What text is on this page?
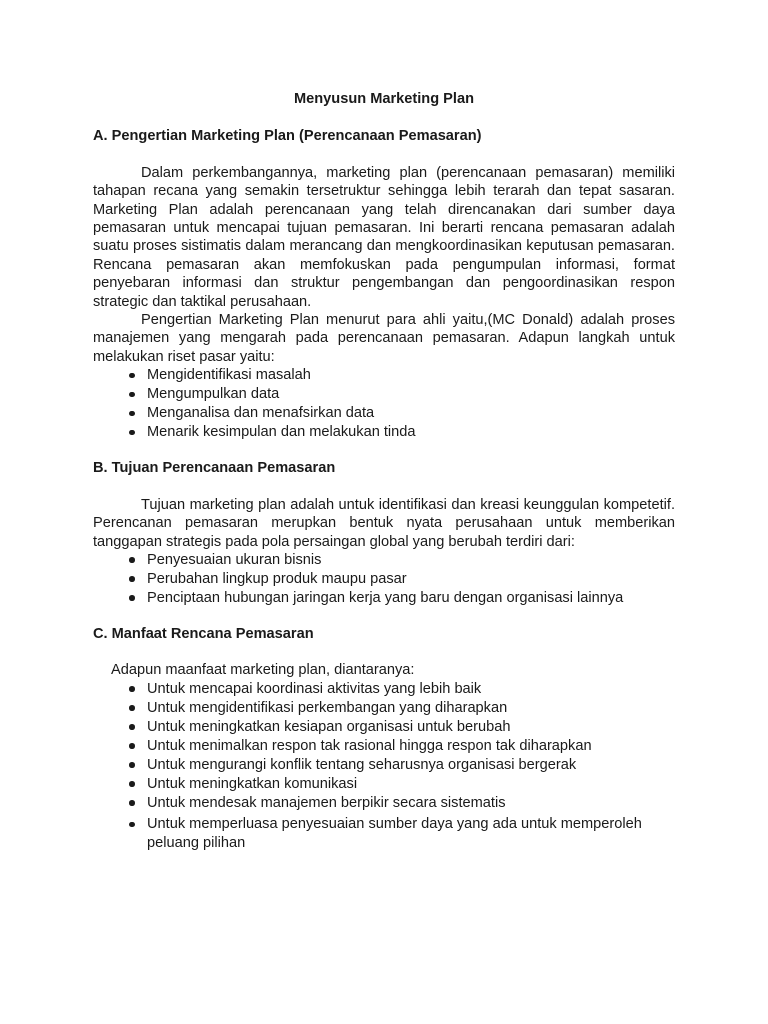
Menyusun Marketing Plan
A. Pengertian Marketing Plan (Perencanaan Pemasaran)

Dalam perkembangannya, marketing plan (perencanaan pemasaran) memiliki tahapan recana yang semakin tersetruktur sehingga lebih terarah dan tepat sasaran. Marketing Plan adalah perencanaan yang telah direncanakan dari sumber daya pemasaran untuk mencapai tujuan pemasaran. Ini berarti rencana pemasaran adalah suatu proses sistimatis dalam merancang dan mengkoordinasikan keputusan pemasaran. Rencana pemasaran akan memfokuskan pada pengumpulan informasi, format penyebaran informasi dan struktur pengembangan dan pengoordinasikan respon strategic dan taktikal perusahaan.

Pengertian Marketing Plan menurut para ahli yaitu,(MC Donald) adalah proses manajemen yang mengarah pada perencanaan pemasaran. Adapun langkah untuk melakukan riset pasar yaitu:

Mengidentifikasi masalah
Mengumpulkan data
Menganalisa dan menafsirkan data
Menarik kesimpulan dan melakukan tinda
B. Tujuan Perencanaan Pemasaran

Tujuan marketing plan adalah untuk identifikasi dan kreasi keunggulan kompetetif. Perencanan pemasaran merupkan bentuk nyata perusahaan untuk memberikan tanggapan strategis pada pola persaingan global yang berubah terdiri dari:

Penyesuaian ukuran bisnis
Perubahan lingkup produk maupu pasar
Penciptaan hubungan jaringan kerja yang baru dengan organisasi lainnya
C. Manfaat Rencana Pemasaran

Adapun maanfaat marketing plan, diantaranya:

Untuk mencapai koordinasi aktivitas yang lebih baik
Untuk mengidentifikasi perkembangan yang diharapkan
Untuk meningkatkan kesiapan organisasi untuk berubah
Untuk menimalkan respon tak rasional hingga respon tak diharapkan
Untuk mengurangi konflik tentang seharusnya organisasi bergerak
Untuk meningkatkan komunikasi
Untuk mendesak manajemen berpikir secara sistematis
Untuk memperluasa penyesuaian sumber daya yang ada untuk memperoleh peluang pilihan
